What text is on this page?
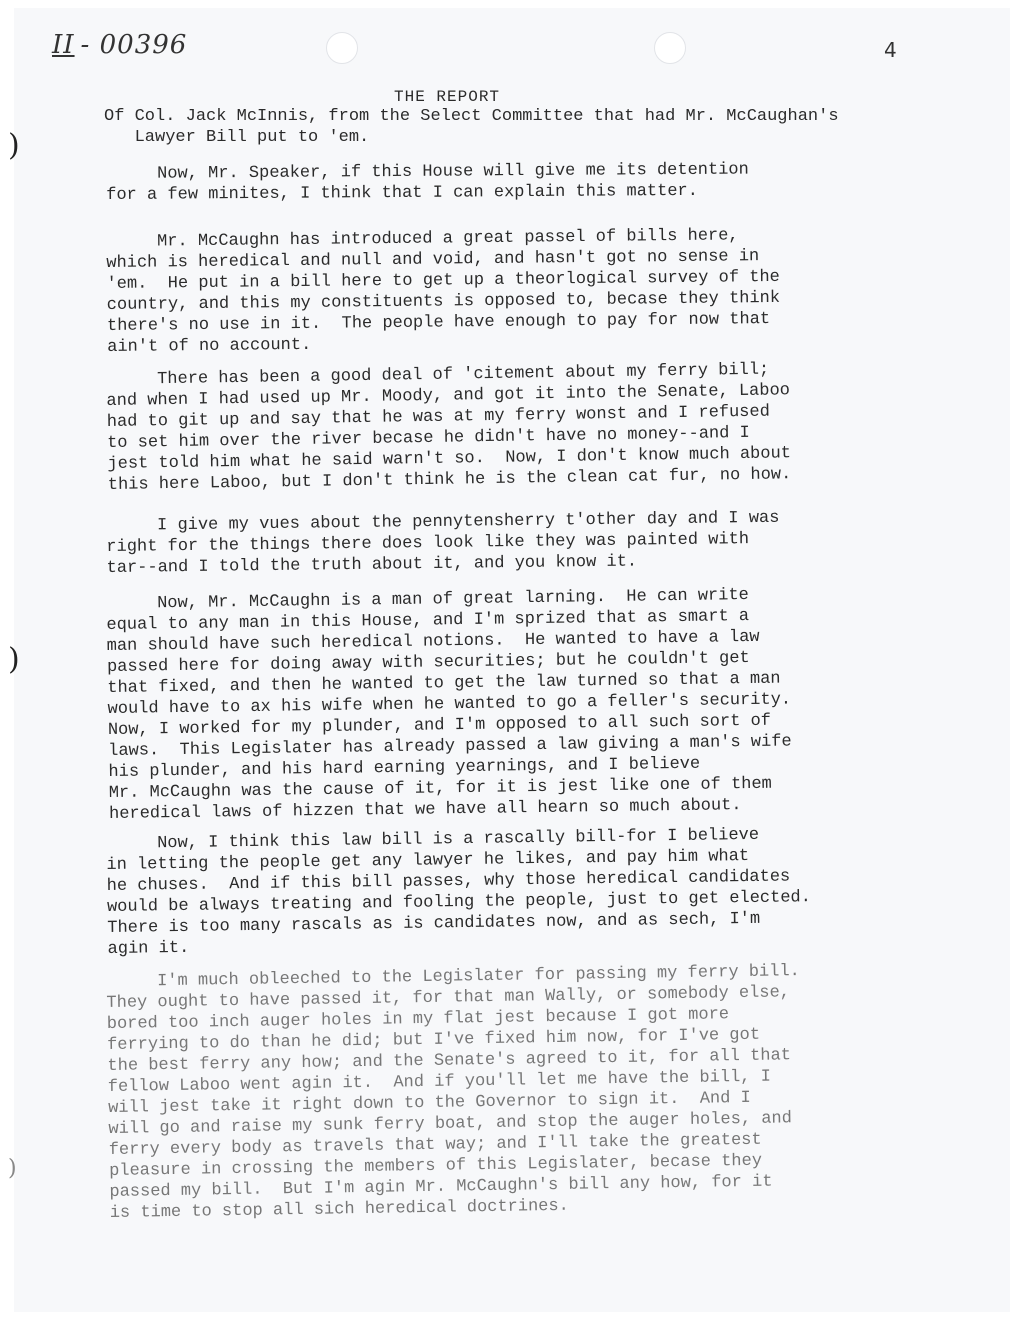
)
)
)
II - 00396	4
THE REPORT
Of Col. Jack McInnis, from the Select Committee that had Mr. McCaughan's
Lawyer Bill put to 'em.
Now, Mr. Speaker, if this House will give me its detention
for a few minites, I think that I can explain this matter.
Mr. McCaughn has introduced a great passel of bills here,
which is heredical and null and void, and hasn't got no sense in
'em.  He put in a bill here to get up a theorlogical survey of the
country, and this my constituents is opposed to, becase they think
there's no use in it.  The people have enough to pay for now that
ain't of no account.
There has been a good deal of 'citement about my ferry bill;
and when I had used up Mr. Moody, and got it into the Senate, Laboo
had to git up and say that he was at my ferry wonst and I refused
to set him over the river becase he didn't have no money--and I
jest told him what he said warn't so.  Now, I don't know much about
this here Laboo, but I don't think he is the clean cat fur, no how.
I give my vues about the pennytensherry t'other day and I was
right for the things there does look like they was painted with
tar--and I told the truth about it, and you know it.
Now, Mr. McCaughn is a man of great larning.  He can write
equal to any man in this House, and I'm sprized that as smart a
man should have such heredical notions.  He wanted to have a law
passed here for doing away with securities; but he couldn't get
that fixed, and then he wanted to get the law turned so that a man
would have to ax his wife when he wanted to go a feller's security.
Now, I worked for my plunder, and I'm opposed to all such sort of
laws.  This Legislater has already passed a law giving a man's wife
his plunder, and his hard earning yearnings, and I believe
Mr. McCaughn was the cause of it, for it is jest like one of them
heredical laws of hizzen that we have all hearn so much about.
Now, I think this law bill is a rascally bill-for I believe
in letting the people get any lawyer he likes, and pay him what
he chuses.  And if this bill passes, why those heredical candidates
would be always treating and fooling the people, just to get elected.
There is too many rascals as is candidates now, and as sech, I'm
agin it.
I'm much obleeched to the Legislater for passing my ferry bill.
They ought to have passed it, for that man Wally, or somebody else,
bored too inch auger holes in my flat jest because I got more
ferrying to do than he did; but I've fixed him now, for I've got
the best ferry any how; and the Senate's agreed to it, for all that
fellow Laboo went agin it.  And if you'll let me have the bill, I
will jest take it right down to the Governor to sign it.  And I
will go and raise my sunk ferry boat, and stop the auger holes, and
ferry every body as travels that way; and I'll take the greatest
pleasure in crossing the members of this Legislater, becase they
passed my bill.  But I'm agin Mr. McCaughn's bill any how, for it
is time to stop all sich heredical doctrines.
